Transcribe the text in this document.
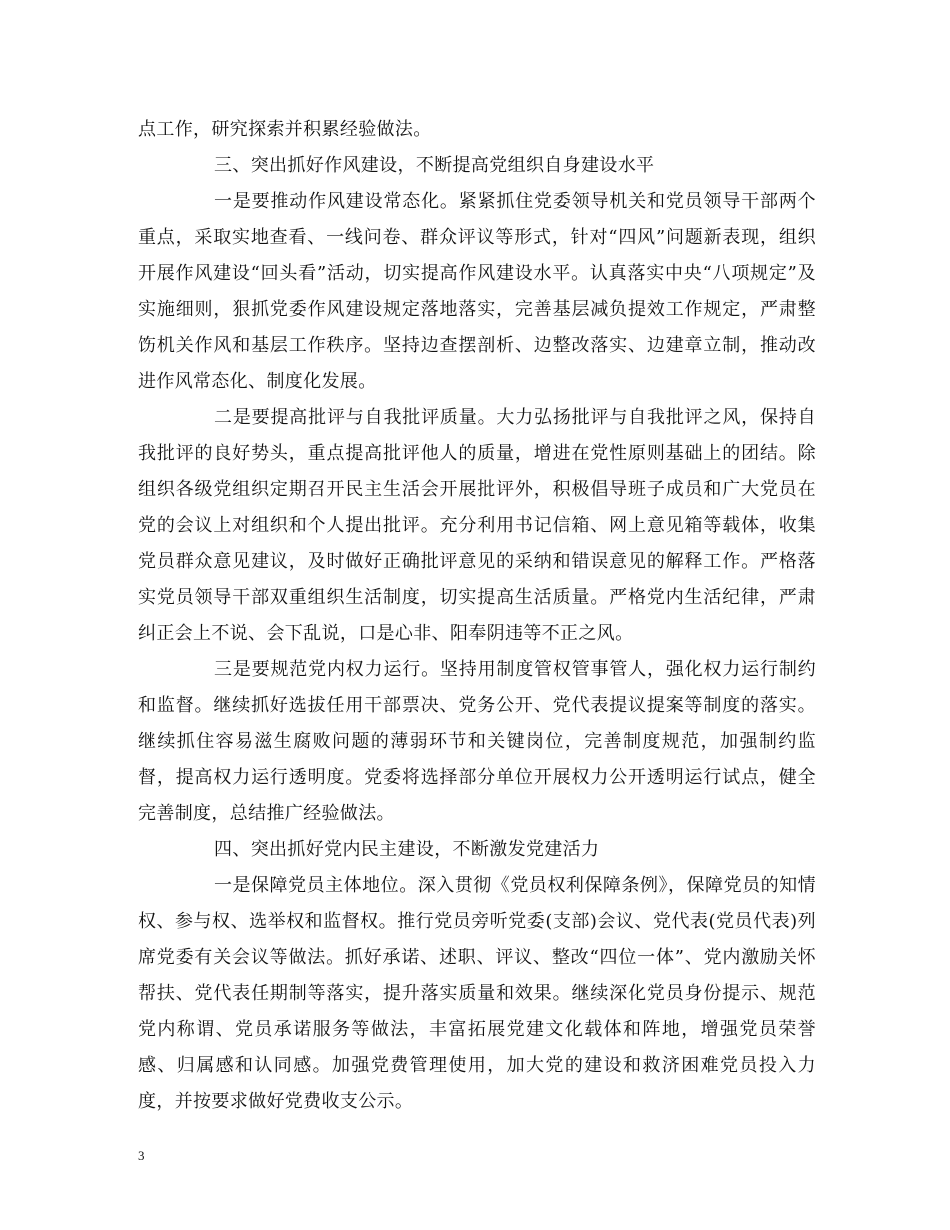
点工作，研究探索并积累经验做法。

三、突出抓好作风建设，不断提高党组织自身建设水平

一是要推动作风建设常态化。紧紧抓住党委领导机关和党员领导干部两个重点，采取实地查看、一线问卷、群众评议等形式，针对“四风”问题新表现，组织开展作风建设“回头看”活动，切实提高作风建设水平。认真落实中央“八项规定”及实施细则，狠抓党委作风建设规定落地落实，完善基层减负提效工作规定，严肃整饬机关作风和基层工作秩序。坚持边查摆剖析、边整改落实、边建章立制，推动改进作风常态化、制度化发展。

二是要提高批评与自我批评质量。大力弘扬批评与自我批评之风，保持自我批评的良好势头，重点提高批评他人的质量，增进在党性原则基础上的团结。除组织各级党组织定期召开民主生活会开展批评外，积极倡导班子成员和广大党员在党的会议上对组织和个人提出批评。充分利用书记信箱、网上意见箱等载体，收集党员群众意见建议，及时做好正确批评意见的采纳和错误意见的解释工作。严格落实党员领导干部双重组织生活制度，切实提高生活质量。严格党内生活纪律，严肃纠正会上不说、会下乱说，口是心非、阳奉阴违等不正之风。

三是要规范党内权力运行。坚持用制度管权管事管人，强化权力运行制约和监督。继续抓好选拔任用干部票决、党务公开、党代表提议提案等制度的落实。继续抓住容易滋生腐败问题的薄弱环节和关键岗位，完善制度规范，加强制约监督，提高权力运行透明度。党委将选择部分单位开展权力公开透明运行试点，健全完善制度，总结推广经验做法。

四、突出抓好党内民主建设，不断激发党建活力

一是保障党员主体地位。深入贯彻《党员权利保障条例》，保障党员的知情权、参与权、选举权和监督权。推行党员旁听党委(支部)会议、党代表(党员代表)列席党委有关会议等做法。抓好承诺、述职、评议、整改“四位一体”、党内激励关怀帮扶、党代表任期制等落实，提升落实质量和效果。继续深化党员身份提示、规范党内称谓、党员承诺服务等做法，丰富拓展党建文化载体和阵地，增强党员荣誉感、归属感和认同感。加强党费管理使用，加大党的建设和救济困难党员投入力度，并按要求做好党费收支公示。

3
